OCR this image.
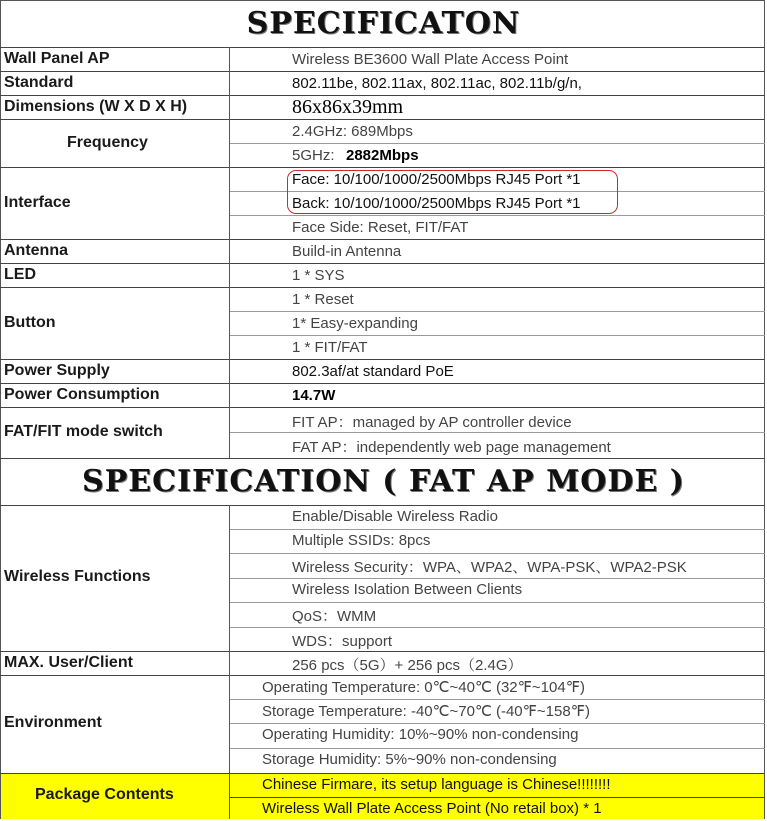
SPECIFICATON
SPECIFICATION ( FAT AP MODE )
Wall Panel AP
Standard
Dimensions (W X D X H)
Frequency
Interface
Antenna
LED
Button
Power Supply
Power Consumption
FAT/FIT mode switch
Wireless BE3600 Wall Plate Access Point
802.11be, 802.11ax, 802.11ac, 802.11b/g/n,
86x86x39mm
2.4GHz: 689Mbps
5GHz: 2882Mbps
Face: 10/100/1000/2500Mbps RJ45 Port *1
Back: 10/100/1000/2500Mbps RJ45 Port *1
Face Side: Reset, FIT/FAT
Build-in Antenna
1 * SYS
1 * Reset
1* Easy-expanding
1 * FIT/FAT
802.3af/at standard PoE
14.7W
FIT AP：managed by AP controller device
FAT AP：independently web page management
Wireless Functions
Enable/Disable Wireless Radio
Multiple SSIDs: 8pcs
Wireless Security：WPA、WPA2、WPA-PSK、WPA2-PSK
Wireless Isolation Between Clients
QoS：WMM
WDS：support
MAX. User/Client	256 pcs（5G）+ 256 pcs（2.4G）
Environment
Operating Temperature: 0℃~40℃ (32℉~104℉)
Storage Temperature: -40℃~70℃ (-40℉~158℉)
Operating Humidity: 10%~90% non-condensing
Storage Humidity: 5%~90% non-condensing
Package Contents
Chinese Firmare, its setup language is Chinese!!!!!!!!
Wireless Wall Plate Access Point (No retail box) * 1
